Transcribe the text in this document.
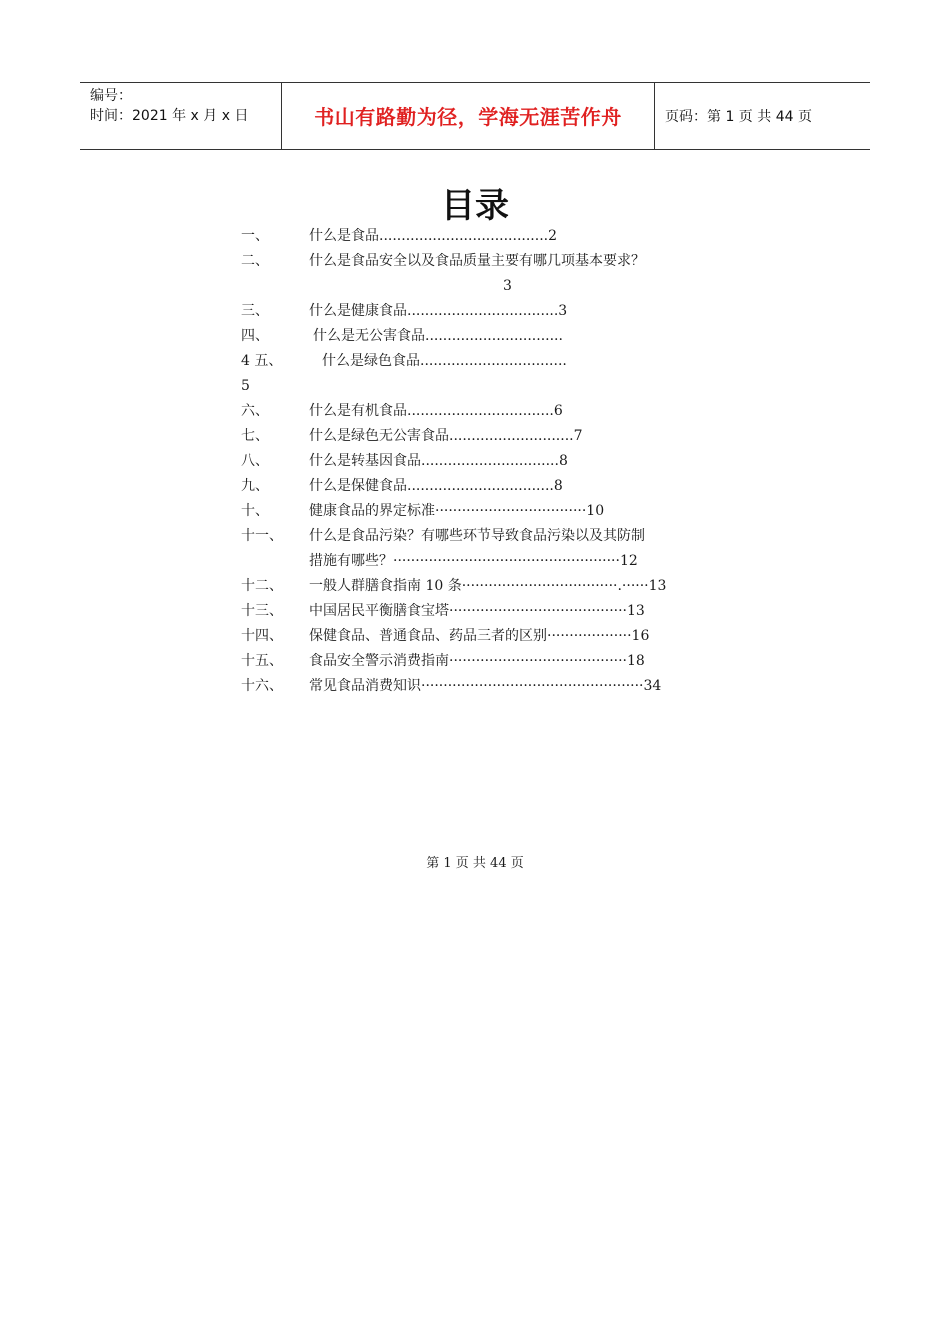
编号：
时间：2021 年 x 月 x 日	书山有路勤为径，学海无涯苦作舟	页码：第 1 页 共 44 页
目录
一、	什么是食品......................................2
二、	什么是食品安全以及食品质量主要有哪几项基本要求？
3
三、	什么是健康食品..................................3
四、	什么是无公害食品...............................
4 五、	什么是绿色食品.................................
5
六、	什么是有机食品.................................6
七、	什么是绿色无公害食品............................7
八、	什么是转基因食品...............................8
九、	什么是保健食品.................................8
十、	健康食品的界定标准··································10
十一、 什么是食品污染？有哪些环节导致食品污染以及其防制
措施有哪些？···················································12
十二、 一般人群膳食指南 10 条···································.······13
十三、 中国居民平衡膳食宝塔········································13
十四、 保健食品、普通食品、药品三者的区别···················16
十五、 食品安全警示消费指南········································18
十六、 常见食品消费知识··················································34
第 1 页 共 44 页
